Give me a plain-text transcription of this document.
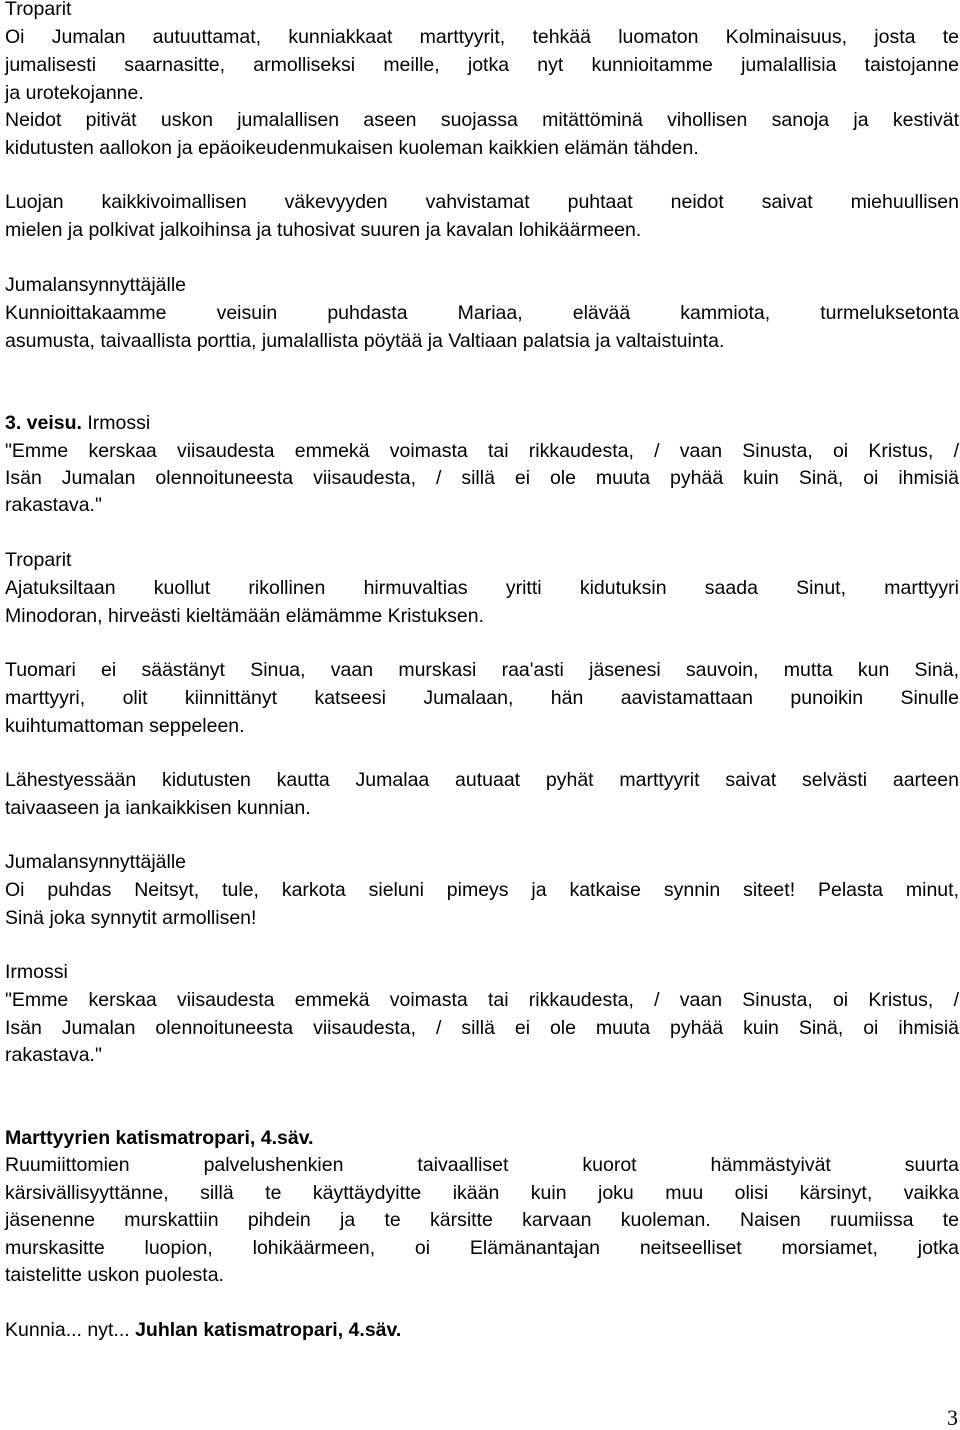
Troparit
Oi Jumalan autuuttamat, kunniakkaat marttyyrit, tehkää luomaton Kolminaisuus, josta te
jumalisesti saarnasitte, armolliseksi meille, jotka nyt kunnioitamme jumalallisia taistojanne
ja urotekojanne.
Neidot pitivät uskon jumalallisen aseen suojassa mitättöminä vihollisen sanoja ja kestivät
kidutusten aallokon ja epäoikeudenmukaisen kuoleman kaikkien elämän tähden.
Luojan kaikkivoimallisen väkevyyden vahvistamat puhtaat neidot saivat miehuullisen
mielen ja polkivat jalkoihinsa ja tuhosivat suuren ja kavalan lohikäärmeen.
Jumalansynnyttäjälle
Kunnioittakaamme veisuin puhdasta Mariaa, elävää kammiota, turmeluksetonta
asumusta, taivaallista porttia, jumalallista pöytää ja Valtiaan palatsia ja valtaistuinta.
3. veisu. Irmossi
"Emme kerskaa viisaudesta emmekä voimasta tai rikkaudesta, / vaan Sinusta, oi Kristus, /
Isän Jumalan olennoituneesta viisaudesta, / sillä ei ole muuta pyhää kuin Sinä, oi ihmisiä
rakastava."
Troparit
Ajatuksiltaan kuollut rikollinen hirmuvaltias yritti kidutuksin saada Sinut, marttyyri
Minodoran, hirveästi kieltämään elämämme Kristuksen.
Tuomari ei säästänyt Sinua, vaan murskasi raa'asti jäsenesi sauvoin, mutta kun Sinä,
marttyyri, olit kiinnittänyt katseesi Jumalaan, hän aavistamattaan punoikin Sinulle
kuihtumattoman seppeleen.
Lähestyessään kidutusten kautta Jumalaa autuaat pyhät marttyyrit saivat selvästi aarteen
taivaaseen ja iankaikkisen kunnian.
Jumalansynnyttäjälle
Oi puhdas Neitsyt, tule, karkota sieluni pimeys ja katkaise synnin siteet! Pelasta minut,
Sinä joka synnytit armollisen!
Irmossi
"Emme kerskaa viisaudesta emmekä voimasta tai rikkaudesta, / vaan Sinusta, oi Kristus, /
Isän Jumalan olennoituneesta viisaudesta, / sillä ei ole muuta pyhää kuin Sinä, oi ihmisiä
rakastava."
Marttyyrien katismatropari, 4.säv.
Ruumiittomien palvelushenkien taivaalliset kuorot hämmästyivät suurta
kärsivällisyyttänne, sillä te käyttäydyitte ikään kuin joku muu olisi kärsinyt, vaikka
jäsenenne murskattiin pihdein ja te kärsitte karvaan kuoleman. Naisen ruumiissa te
murskasitte luopion, lohikäärmeen, oi Elämänantajan neitseelliset morsiamet, jotka
taistelitte uskon puolesta.
Kunnia... nyt... Juhlan katismatropari, 4.säv.
3
